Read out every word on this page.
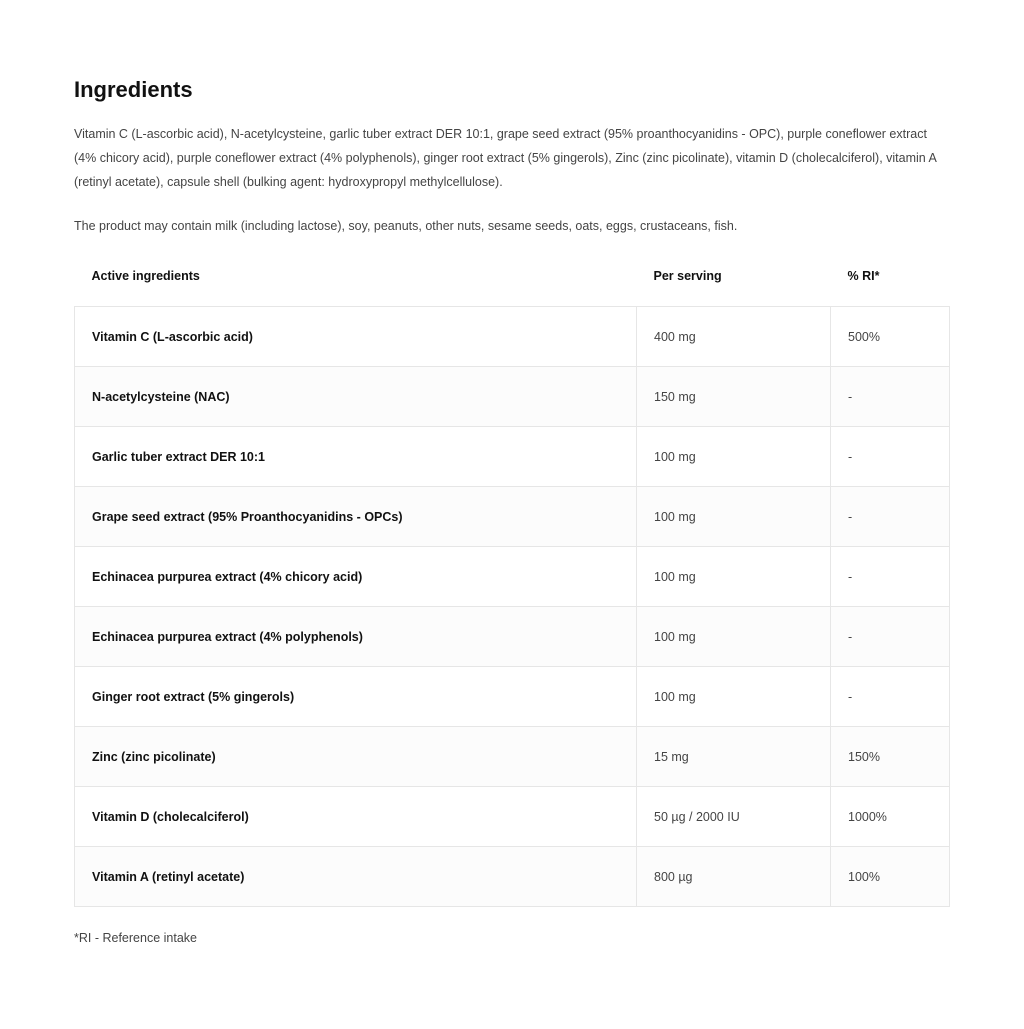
Ingredients

Vitamin C (L-ascorbic acid), N-acetylcysteine, garlic tuber extract DER 10:1, grape seed extract (95% proanthocyanidins - OPC), purple coneflower extract (4% chicory acid), purple coneflower extract (4% polyphenols), ginger root extract (5% gingerols), Zinc (zinc picolinate), vitamin D (cholecalciferol), vitamin A (retinyl acetate), capsule shell (bulking agent: hydroxypropyl methylcellulose).

The product may contain milk (including lactose), soy, peanuts, other nuts, sesame seeds, oats, eggs, crustaceans, fish.

Active ingredients	Per serving	% RI*
Vitamin C (L-ascorbic acid)	400 mg	500%
N-acetylcysteine (NAC)	150 mg	-
Garlic tuber extract DER 10:1	100 mg	-
Grape seed extract (95% Proanthocyanidins - OPCs)	100 mg	-
Echinacea purpurea extract (4% chicory acid)	100 mg	-
Echinacea purpurea extract (4% polyphenols)	100 mg	-
Ginger root extract (5% gingerols)	100 mg	-
Zinc (zinc picolinate)	15 mg	150%
Vitamin D (cholecalciferol)	50 µg / 2000 IU	1000%
Vitamin A (retinyl acetate)	800 µg	100%
*RI - Reference intake
